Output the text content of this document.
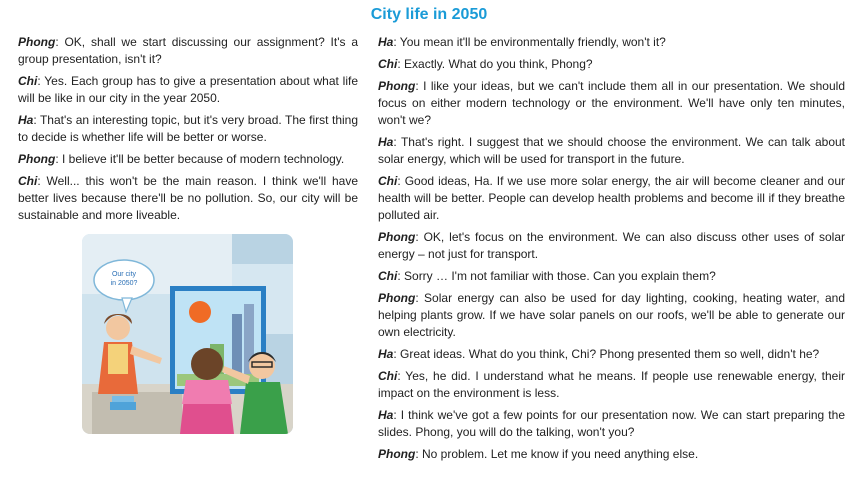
City life in 2050

Phong: OK, shall we start discussing our assignment? It's a group presentation, isn't it?

Chi: Yes. Each group has to give a presentation about what life will be like in our city in the year 2050.

Ha: That's an interesting topic, but it's very broad. The first thing to decide is whether life will be better or worse.

Phong: I believe it'll be better because of modern technology.

Chi: Well... this won't be the main reason. I think we'll have better lives because there'll be no pollution. So, our city will be sustainable and more liveable.

Our city
in 2050?

Ha: You mean it'll be environmentally friendly, won't it?

Chi: Exactly. What do you think, Phong?

Phong: I like your ideas, but we can't include them all in our presentation. We should focus on either modern technology or the environment. We'll have only ten minutes, won't we?

Ha: That's right. I suggest that we should choose the environment. We can talk about solar energy, which will be used for transport in the future.

Chi: Good ideas, Ha. If we use more solar energy, the air will become cleaner and our health will be better. People can develop health problems and become ill if they breathe polluted air.

Phong: OK, let's focus on the environment. We can also discuss other uses of solar energy – not just for transport.

Chi: Sorry … I'm not familiar with those. Can you explain them?

Phong: Solar energy can also be used for day lighting, cooking, heating water, and helping plants grow. If we have solar panels on our roofs, we'll be able to generate our own electricity.

Ha: Great ideas. What do you think, Chi? Phong presented them so well, didn't he?

Chi: Yes, he did. I understand what he means. If people use renewable energy, their impact on the environment is less.

Ha: I think we've got a few points for our presentation now. We can start preparing the slides. Phong, you will do the talking, won't you?

Phong: No problem. Let me know if you need anything else.
